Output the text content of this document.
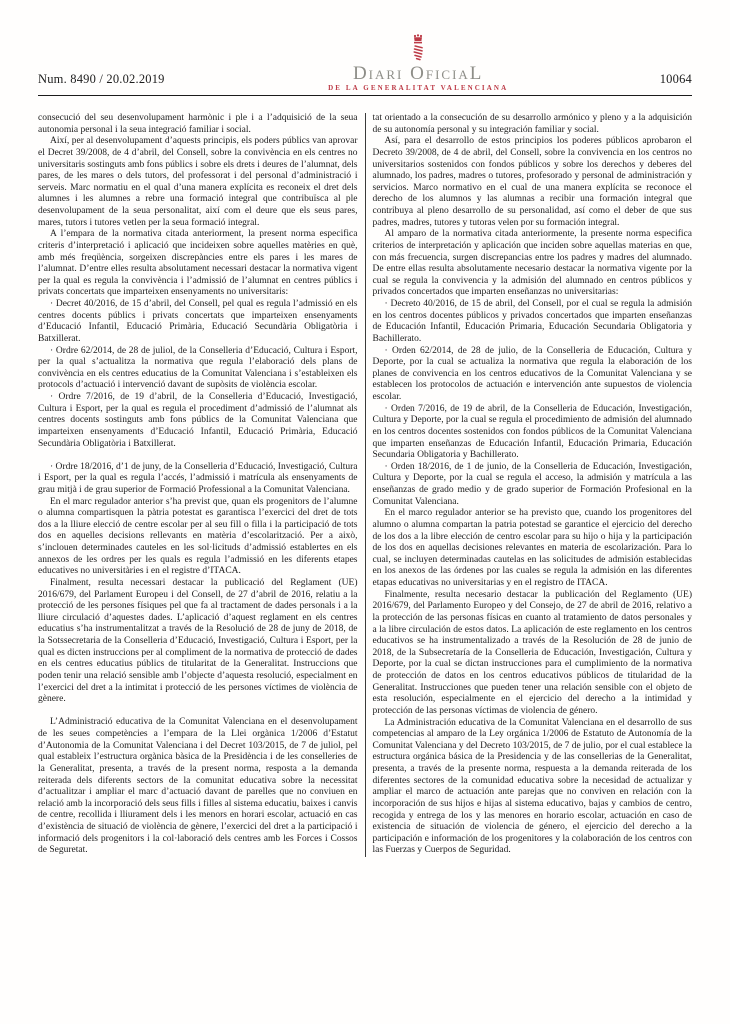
Num. 8490 / 20.02.2019	Diari OficiaL
DE LA GENERALITAT VALENCIANA
10064

consecució del seu desenvolupament harmònic i ple i a l’adquisició de la seua autonomia personal i la seua integració familiar i social.

Així, per al desenvolupament d’aquests principis, els poders públics van aprovar el Decret 39/2008, de 4 d’abril, del Consell, sobre la convivència en els centres no universitaris sostinguts amb fons públics i sobre els drets i deures de l’alumnat, dels pares, de les mares o dels tutors, del professorat i del personal d’administració i serveis. Marc normatiu en el qual d’una manera explícita es reconeix el dret dels alumnes i les alumnes a rebre una formació integral que contribuïsca al ple desenvolupament de la seua personalitat, així com el deure que els seus pares, mares, tutors i tutores vetlen per la seua formació integral.

A l’empara de la normativa citada anteriorment, la present norma especifica criteris d’interpretació i aplicació que incideixen sobre aquelles matèries en què, amb més freqüència, sorgeixen discrepàncies entre els pares i les mares de l’alumnat. D’entre elles resulta absolutament necessari destacar la normativa vigent per la qual es regula la convivència i l’admissió de l’alumnat en centres públics i privats concertats que imparteixen ensenyaments no universitaris:

· Decret 40/2016, de 15 d’abril, del Consell, pel qual es regula l’admissió en els centres docents públics i privats concertats que imparteixen ensenyaments d’Educació Infantil, Educació Primària, Educació Secundària Obligatòria i Batxillerat.

· Ordre 62/2014, de 28 de juliol, de la Conselleria d’Educació, Cultura i Esport, per la qual s’actualitza la normativa que regula l’elaboració dels plans de convivència en els centres educatius de la Comunitat Valenciana i s’estableixen els protocols d’actuació i intervenció davant de supòsits de violència escolar.

· Ordre 7/2016, de 19 d’abril, de la Conselleria d’Educació, Investigació, Cultura i Esport, per la qual es regula el procediment d’admissió de l’alumnat als centres docents sostinguts amb fons públics de la Comunitat Valenciana que imparteixen ensenyaments d’Educació Infantil, Educació Primària, Educació Secundària Obligatòria i Batxillerat.

· Ordre 18/2016, d’1 de juny, de la Conselleria d’Educació, Investigació, Cultura i Esport, per la qual es regula l’accés, l’admissió i matrícula als ensenyaments de grau mitjà i de grau superior de Formació Professional a la Comunitat Valenciana.

En el marc regulador anterior s’ha previst que, quan els progenitors de l’alumne o alumna compartisquen la pàtria potestat es garantisca l’exercici del dret de tots dos a la lliure elecció de centre escolar per al seu fill o filla i la participació de tots dos en aquelles decisions rellevants en matèria d’escolarització. Per a això, s’inclouen determinades cauteles en les sol·licituds d’admissió establertes en els annexos de les ordres per les quals es regula l’admissió en les diferents etapes educatives no universitàries i en el registre d’ITACA.

Finalment, resulta necessari destacar la publicació del Reglament (UE) 2016/679, del Parlament Europeu i del Consell, de 27 d’abril de 2016, relatiu a la protecció de les persones físiques pel que fa al tractament de dades personals i a la lliure circulació d’aquestes dades. L’aplicació d’aquest reglament en els centres educatius s’ha instrumentalitzat a través de la Resolució de 28 de juny de 2018, de la Sotssecretaria de la Conselleria d’Educació, Investigació, Cultura i Esport, per la qual es dicten instruccions per al compliment de la normativa de protecció de dades en els centres educatius públics de titularitat de la Generalitat. Instruccions que poden tenir una relació sensible amb l’objecte d’aquesta resolució, especialment en l’exercici del dret a la intimitat i protecció de les persones víctimes de violència de gènere.

L’Administració educativa de la Comunitat Valenciana en el desenvolupament de les seues competències a l’empara de la Llei orgànica 1/2006 d’Estatut d’Autonomia de la Comunitat Valenciana i del Decret 103/2015, de 7 de juliol, pel qual estableix l’estructura orgànica bàsica de la Presidència i de les conselleries de la Generalitat, presenta, a través de la present norma, resposta a la demanda reiterada dels diferents sectors de la comunitat educativa sobre la necessitat d’actualitzar i ampliar el marc d’actuació davant de parelles que no conviuen en relació amb la incorporació dels seus fills i filles al sistema educatiu, baixes i canvis de centre, recollida i lliurament dels i les menors en horari escolar, actuació en cas d’existència de situació de violència de gènere, l’exercici del dret a la participació i informació dels progenitors i la col·laboració dels centres amb les Forces i Cossos de Seguretat.

tat orientado a la consecución de su desarrollo armónico y pleno y a la adquisición de su autonomía personal y su integración familiar y social.

Así, para el desarrollo de estos principios los poderes públicos aprobaron el Decreto 39/2008, de 4 de abril, del Consell, sobre la convivencia en los centros no universitarios sostenidos con fondos públicos y sobre los derechos y deberes del alumnado, los padres, madres o tutores, profesorado y personal de administración y servicios. Marco normativo en el cual de una manera explícita se reconoce el derecho de los alumnos y las alumnas a recibir una formación integral que contribuya al pleno desarrollo de su personalidad, así como el deber de que sus padres, madres, tutores y tutoras velen por su formación integral.

Al amparo de la normativa citada anteriormente, la presente norma especifica criterios de interpretación y aplicación que inciden sobre aquellas materias en que, con más frecuencia, surgen discrepancias entre los padres y madres del alumnado. De entre ellas resulta absolutamente necesario destacar la normativa vigente por la cual se regula la convivencia y la admisión del alumnado en centros públicos y privados concertados que imparten enseñanzas no universitarias:

· Decreto 40/2016, de 15 de abril, del Consell, por el cual se regula la admisión en los centros docentes públicos y privados concertados que imparten enseñanzas de Educación Infantil, Educación Primaria, Educación Secundaria Obligatoria y Bachillerato.

· Orden 62/2014, de 28 de julio, de la Conselleria de Educación, Cultura y Deporte, por la cual se actualiza la normativa que regula la elaboración de los planes de convivencia en los centros educativos de la Comunitat Valenciana y se establecen los protocolos de actuación e intervención ante supuestos de violencia escolar.

· Orden 7/2016, de 19 de abril, de la Conselleria de Educación, Investigación, Cultura y Deporte, por la cual se regula el procedimiento de admisión del alumnado en los centros docentes sostenidos con fondos públicos de la Comunitat Valenciana que imparten enseñanzas de Educación Infantil, Educación Primaria, Educación Secundaria Obligatoria y Bachillerato.

· Orden 18/2016, de 1 de junio, de la Conselleria de Educación, Investigación, Cultura y Deporte, por la cual se regula el acceso, la admisión y matrícula a las enseñanzas de grado medio y de grado superior de Formación Profesional en la Comunitat Valenciana.

En el marco regulador anterior se ha previsto que, cuando los progenitores del alumno o alumna compartan la patria potestad se garantice el ejercicio del derecho de los dos a la libre elección de centro escolar para su hijo o hija y la participación de los dos en aquellas decisiones relevantes en materia de escolarización. Para lo cual, se incluyen determinadas cautelas en las solicitudes de admisión establecidas en los anexos de las órdenes por las cuales se regula la admisión en las diferentes etapas educativas no universitarias y en el registro de ITACA.

Finalmente, resulta necesario destacar la publicación del Reglamento (UE) 2016/679, del Parlamento Europeo y del Consejo, de 27 de abril de 2016, relativo a la protección de las personas físicas en cuanto al tratamiento de datos personales y a la libre circulación de estos datos. La aplicación de este reglamento en los centros educativos se ha instrumentalizado a través de la Resolución de 28 de junio de 2018, de la Subsecretaría de la Conselleria de Educación, Investigación, Cultura y Deporte, por la cual se dictan instrucciones para el cumplimiento de la normativa de protección de datos en los centros educativos públicos de titularidad de la Generalitat. Instrucciones que pueden tener una relación sensible con el objeto de esta resolución, especialmente en el ejercicio del derecho a la intimidad y protección de las personas víctimas de violencia de género.

La Administración educativa de la Comunitat Valenciana en el desarrollo de sus competencias al amparo de la Ley orgánica 1/2006 de Estatuto de Autonomía de la Comunitat Valenciana y del Decreto 103/2015, de 7 de julio, por el cual establece la estructura orgánica básica de la Presidencia y de las consellerias de la Generalitat, presenta, a través de la presente norma, respuesta a la demanda reiterada de los diferentes sectores de la comunidad educativa sobre la necesidad de actualizar y ampliar el marco de actuación ante parejas que no conviven en relación con la incorporación de sus hijos e hijas al sistema educativo, bajas y cambios de centro, recogida y entrega de los y las menores en horario escolar, actuación en caso de existencia de situación de violencia de género, el ejercicio del derecho a la participación e información de los progenitores y la colaboración de los centros con las Fuerzas y Cuerpos de Seguridad.
